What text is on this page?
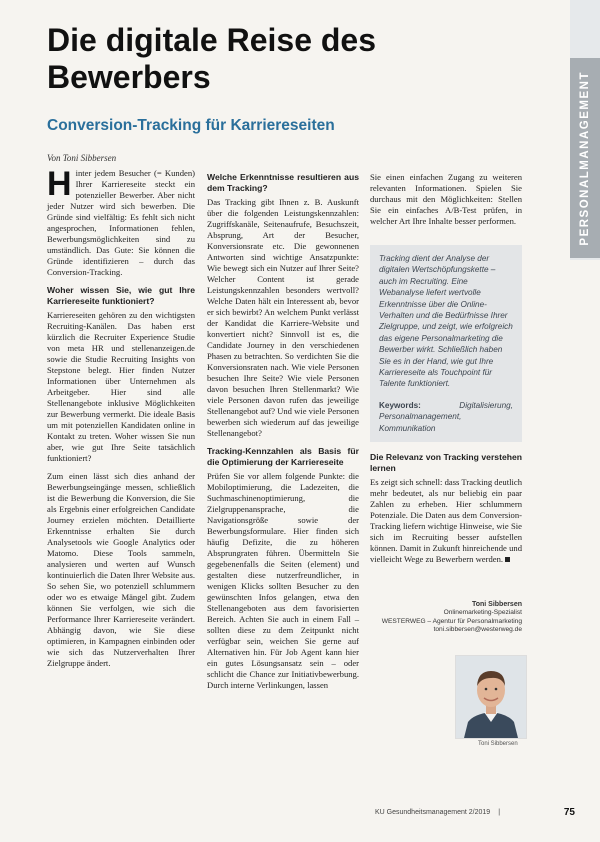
PERSONALMANAGEMENT
Die digitale Reise des Bewerbers
Conversion-Tracking für Karriereseiten

Von Toni Sibbersen

Hinter jedem Besucher (= Kunden) Ihrer Karriereseite steckt ein potenzieller Bewerber. Aber nicht jeder Nutzer wird sich bewerben. Die Gründe sind vielfältig: Es fehlt sich nicht angesprochen, Informationen fehlen, Bewerbungsmöglichkeiten sind zu umständlich. Das Gute: Sie können die Gründe identifizieren – durch das Conversion-Tracking.

Woher wissen Sie, wie gut Ihre Karriereseite funktioniert?

Karriereseiten gehören zu den wichtigsten Recruiting-Kanälen. Das haben erst kürzlich die Recruiter Experience Studie von meta HR und stellenanzeigen.de sowie die Studie Recruiting Insights von Stepstone belegt. Hier finden Nutzer Informationen über Unternehmen als Arbeitgeber. Hier sind alle Stellenangebote inklusive Möglichkeiten zur Bewerbung vermerkt. Die ideale Basis um mit potenziellen Kandidaten online in Kontakt zu treten. Woher wissen Sie nun aber, wie gut Ihre Seite tatsächlich funktioniert?

Zum einen lässt sich dies anhand der Bewerbungseingänge messen, schließlich ist die Bewerbung die Konversion, die Sie als Ergebnis einer erfolgreichen Candidate Journey erzielen möchten. Detaillierte Erkenntnisse erhalten Sie durch Analysetools wie Google Analytics oder Matomo. Diese Tools sammeln, analysieren und werten auf Wunsch kontinuierlich die Daten Ihrer Website aus. So sehen Sie, wo potenziell schlummern oder wo es etwaige Mängel gibt. Zudem können Sie verfolgen, wie sich die Performance Ihrer Karriereseite verändert. Abhängig davon, wie Sie diese optimieren, in Kampagnen einbinden oder wie sich das Nutzerverhalten Ihrer Zielgruppe ändert.

Welche Erkenntnisse resultieren aus dem Tracking?

Das Tracking gibt Ihnen z. B. Auskunft über die folgenden Leistungskennzahlen: Zugriffskanäle, Seitenaufrufe, Besuchszeit, Absprung, Art der Besucher, Konversionsrate etc. Die gewonnenen Antworten sind wichtige Ansatzpunkte: Wie bewegt sich ein Nutzer auf Ihrer Seite? Welcher Content ist gerade Leistungskennzahlen besonders wertvoll? Welche Daten hält ein Interessent ab, bevor er sich bewirbt? An welchem Punkt verlässt der Kandidat die Karriere-Website und konvertiert nicht? Sinnvoll ist es, die Candidate Journey in den verschiedenen Phasen zu betrachten. So verdichten Sie die Konversionsraten nach. Wie viele Personen besuchen Ihre Seite? Wie viele Personen davon besuchen Ihren Stellenmarkt? Wie viele Personen davon rufen das jeweilige Stellenangebot auf? Und wie viele Personen bewerben sich wiederum auf das jeweilige Stellenangebot?

Tracking-Kennzahlen als Basis für die Optimierung der Karriereseite

Prüfen Sie vor allem folgende Punkte: die Mobiloptimierung, die Ladezeiten, die Suchmaschinenoptimierung, die Zielgruppenansprache, die Navigationsgröße sowie der Bewerbungsformulare. Hier finden sich häufig Defizite, die zu höheren Absprungraten führen. Übermitteln Sie gegebenenfalls die Seiten (element) und gestalten diese nutzerfreundlicher, in wenigen Klicks sollten Besucher zu den gewünschten Infos gelangen, etwa den Stellenangeboten aus dem favorisierten Bereich. Achten Sie auch in einem Fall – sollten diese zu dem Zeitpunkt nicht verfügbar sein, weichen Sie gerne auf Alternativen hin. Für Job Agent kann hier ein gutes Lösungsansatz sein – oder schlicht die Chance zur Initiativbewerbung. Durch interne Verlinkungen, lassen

Sie einen einfachen Zugang zu weiteren relevanten Informationen. Spielen Sie durchaus mit den Möglichkeiten: Stellen Sie ein einfaches A/B-Test prüfen, in welcher Art Ihre Inhalte besser performen.

Tracking dient der Analyse der digitalen Wertschöpfungskette – auch im Recruiting. Eine Webanalyse liefert wertvolle Erkenntnisse über die Online-Verhalten und die Bedürfnisse Ihrer Zielgruppe, und zeigt, wie erfolgreich das eigene Personalmarketing die Bewerber wirkt. Schließlich haben Sie es in der Hand, wie gut Ihre Karriereseite als Touchpoint für Talente funktioniert.

Keywords:	Digitalisierung, Personalmanagement, Kommunikation

Die Relevanz von Tracking verstehen lernen

Es zeigt sich schnell: dass Tracking deutlich mehr bedeutet, als nur beliebig ein paar Zahlen zu erheben. Hier schlummern Potenziale. Die Daten aus dem Conversion-Tracking liefern wichtige Hinweise, wie Sie sich im Recruiting besser aufstellen können. Damit in Zukunft hinreichende und vielleicht Wege zu Bewerbern werden.

Toni Sibbersen
Onlinemarketing-Spezialist
WESTERWEG – Agentur für Personalmarketing
toni.sibbersen@westerweg.de
Toni Sibbersen
KU Gesundheitsmanagement 2/2019 |	75
